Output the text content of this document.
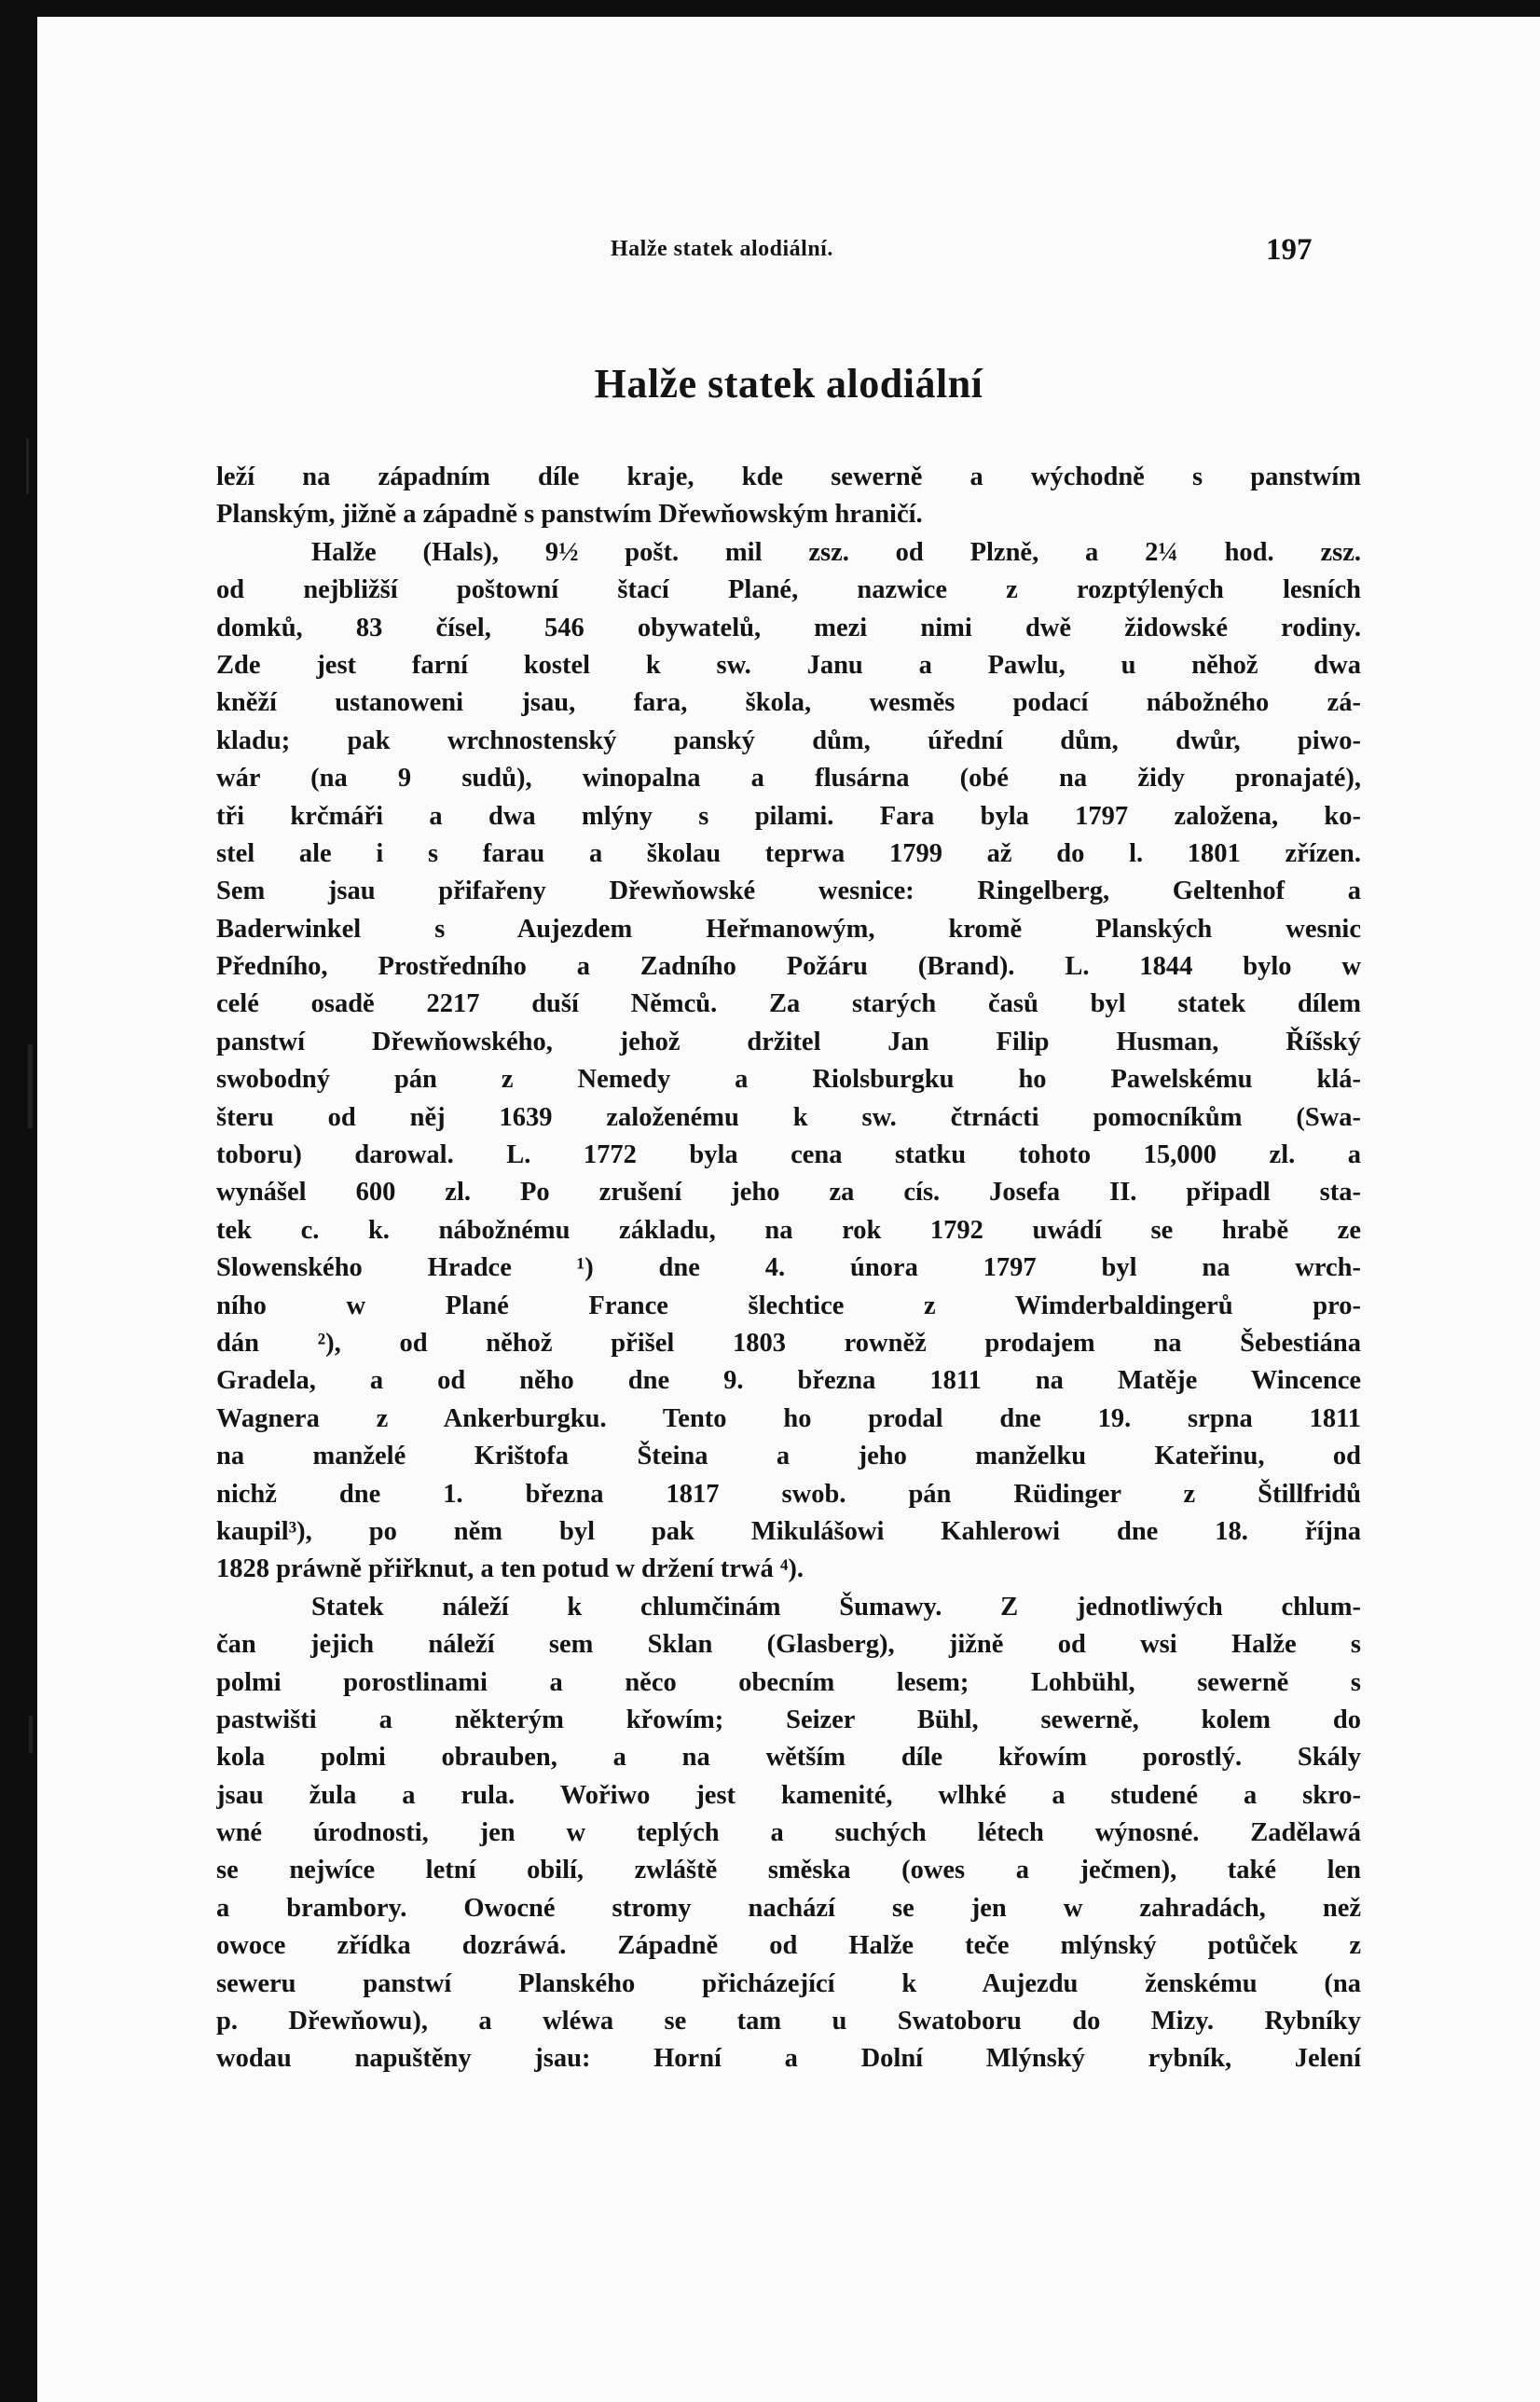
Halže statek alodiální.	197
Halže statek alodiální
leží na západním díle kraje, kde sewerně a wýchodně s panstwím
Planským, jižně a západně s panstwím Dřewňowským hraničí.
Halže (Hals), 9½ pošt. mil zsz. od Plzně, a 2¼ hod. zsz.
od nejbližší poštowní štací Plané, nazwice z rozptýlených lesních
domků, 83 čísel, 546 obywatelů, mezi nimi dwě židowské rodiny.
Zde jest farní kostel k sw. Janu a Pawlu, u něhož dwa
kněží ustanoweni jsau, fara, škola, wesměs podací nábožného zá-
kladu; pak wrchnostenský panský dům, úřední dům, dwůr, piwo-
wár (na 9 sudů), winopalna a flusárna (obé na židy pronajaté),
tři krčmáři a dwa mlýny s pilami. Fara byla 1797 založena, ko-
stel ale i s farau a školau teprwa 1799 až do l. 1801 zřízen.
Sem jsau přifařeny Dřewňowské wesnice: Ringelberg, Geltenhof a
Baderwinkel s Aujezdem Heřmanowým, kromě Planských wesnic
Předního, Prostředního a Zadního Požáru (Brand). L. 1844 bylo w
celé osadě 2217 duší Němců. Za starých časů byl statek dílem
panstwí Dřewňowského, jehož držitel Jan Filip Husman, Říšský
swobodný pán z Nemedy a Riolsburgku ho Pawelskému klá-
šteru od něj 1639 založenému k sw. čtrnácti pomocníkům (Swa-
toboru) darowal. L. 1772 byla cena statku tohoto 15,000 zl. a
wynášel 600 zl. Po zrušení jeho za cís. Josefa II. připadl sta-
tek c. k. nábožnému základu, na rok 1792 uwádí se hrabě ze
Slowenského Hradce ¹) dne 4. února 1797 byl na wrch-
ního w Plané France šlechtice z Wimderbaldingerů pro-
dán ²), od něhož přišel 1803 rowněž prodajem na Šebestiána
Gradela, a od něho dne 9. března 1811 na Matěje Wincence
Wagnera z Ankerburgku. Tento ho prodal dne 19. srpna 1811
na manželé Krištofa Šteina a jeho manželku Kateřinu, od
nichž dne 1. března 1817 swob. pán Rüdinger z Štillfridů
kaupil³), po něm byl pak Mikulášowi Kahlerowi dne 18. října
1828 práwně přiřknut, a ten potud w držení trwá ⁴).
Statek náleží k chlumčinám Šumawy. Z jednotliwých chlum-
čan jejich náleží sem Sklan (Glasberg), jižně od wsi Halže s
polmi porostlinami a něco obecním lesem; Lohbühl, sewerně s
pastwišti a některým křowím; Seizer Bühl, sewerně, kolem do
kola polmi obrauben, a na wětším díle křowím porostlý. Skály
jsau žula a rula. Wořiwo jest kamenité, wlhké a studené a skro-
wné úrodnosti, jen w teplých a suchých létech wýnosné. Zadělawá
se nejwíce letní obilí, zwláště směska (owes a ječmen), také len
a brambory. Owocné stromy nachází se jen w zahradách, než
owoce zřídka dozráwá. Západně od Halže teče mlýnský potůček z
seweru panstwí Planského přicházející k Aujezdu ženskému (na
p. Dřewňowu), a wléwa se tam u Swatoboru do Mizy. Rybníky
wodau napuštěny jsau: Horní a Dolní Mlýnský rybník, Jelení
